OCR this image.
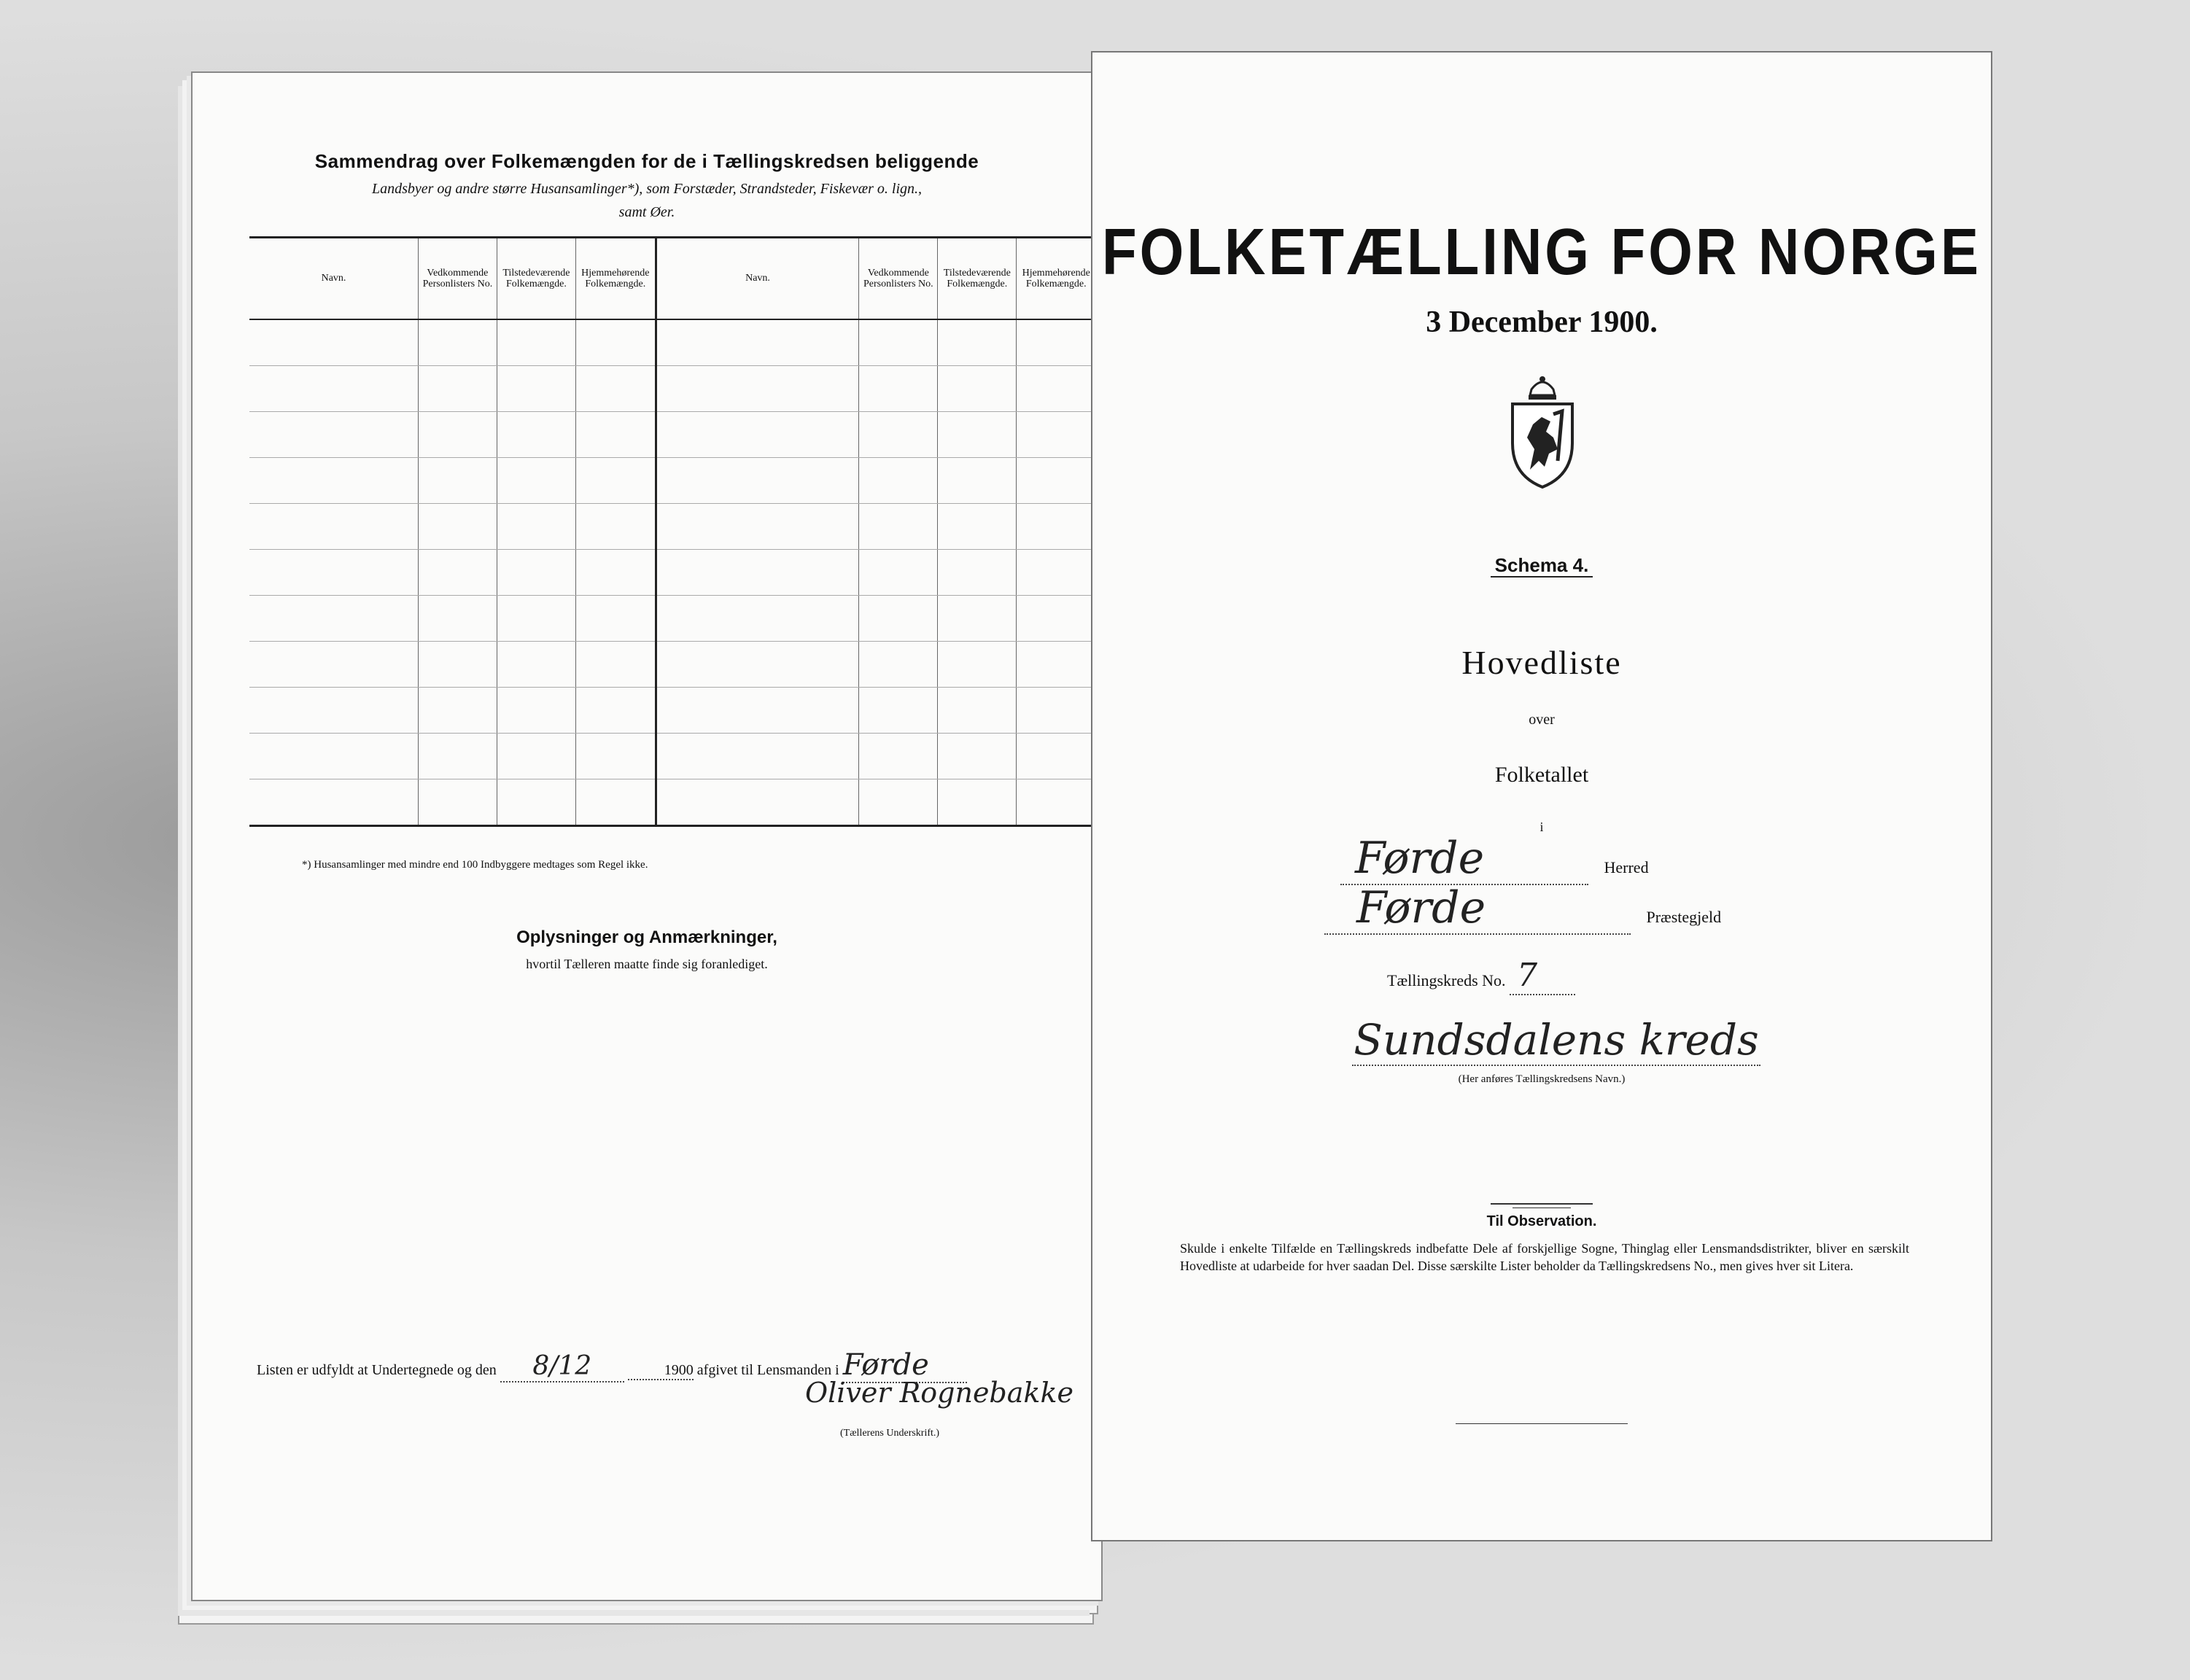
Sammendrag over Folkemængden for de i Tællingskredsen beliggende
Landsbyer og andre større Husansamlinger*), som Forstæder, Strandsteder, Fiskevær o. lign.,
samt Øer.
Navn.	Vedkommende Personlisters No.	Tilstedeværende Folkemængde.	Hjemmehørende Folkemængde.	Navn.	Vedkommende Personlisters No.	Tilstedeværende Folkemængde.	Hjemmehørende Folkemængde.

*) Husansamlinger med mindre end 100 Indbyggere medtages som Regel ikke.
Oplysninger og Anmærkninger,
hvortil Tælleren maatte finde sig foranlediget.
Listen er udfyldt at Undertegnede og den 8/12	1900 afgivet til Lensmanden i Førde
Oliver Rognebakke
(Tællerens Underskrift.)
FOLKETÆLLING FOR NORGE
3 December 1900.
Schema 4.
Hovedliste
over
Folketallet
i
Førde	Herred
Førde	Præstegjeld
Tællingskreds No. 7
Sundsdalens kreds
(Her anføres Tællingskredsens Navn.)
Til Observation.
Skulde i enkelte Tilfælde en Tællingskreds indbefatte Dele af forskjellige Sogne, Thinglag eller Lensmandsdistrikter, bliver en særskilt Hovedliste at udarbeide for hver saadan Del. Disse særskilte Lister beholder da Tællingskredsens No., men gives hver sit Litera.
